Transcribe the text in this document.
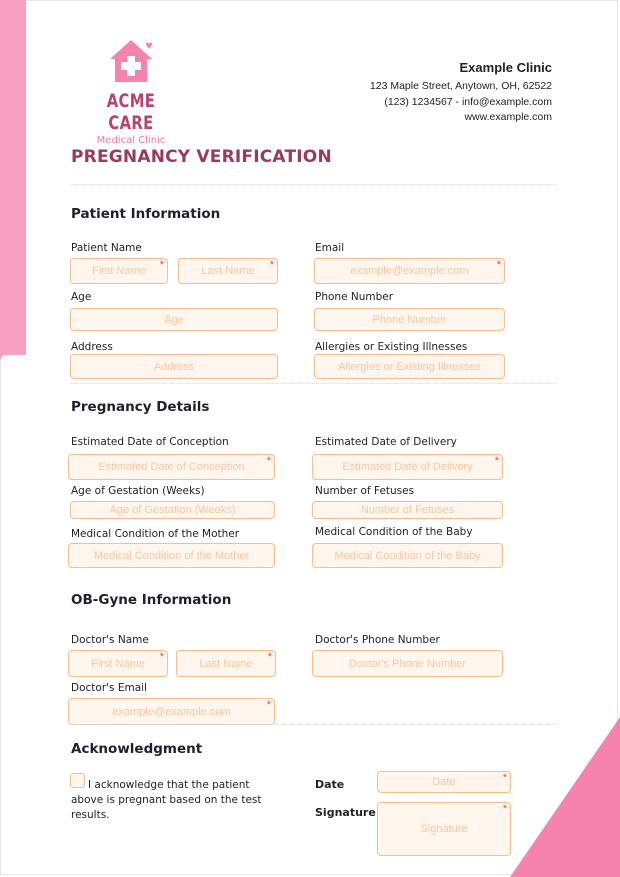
ACME CARE
Medical Clinic
Example Clinic
123 Maple Street, Anytown, OH, 62522
(123) 1234567 - info@example.com
www.example.com
PREGNANCY VERIFICATION
Patient Information
Patient Name
First Name *	Last Name *
Email
example@example.com	*
Age
Age
Phone Number
Phone Number
Address
Address
Allergies or Existing Illnesses
Allergies or Existing Illnesses
Pregnancy Details
Estimated Date of Conception
Estimated Date of Conception *
Estimated Date of Delivery
Estimated Date of Delivery *
Age of Gestation (Weeks)
Age of Gestation (Weeks)
Number of Fetuses
Number of Fetuses
Medical Condition of the Mother
Medical Condition of the Mother
Medical Condition of the Baby
Medical Condition of the Baby
OB-Gyne Information
Doctor's Name
First Name
*
Last Name
*
Doctor's Phone Number
Doctor's Phone Number
Doctor's Email
example@example.com
*
Acknowledgment
I acknowledge that the patient above is pregnant based on the test results.
Date	Date	*
Signature
Signature
*
